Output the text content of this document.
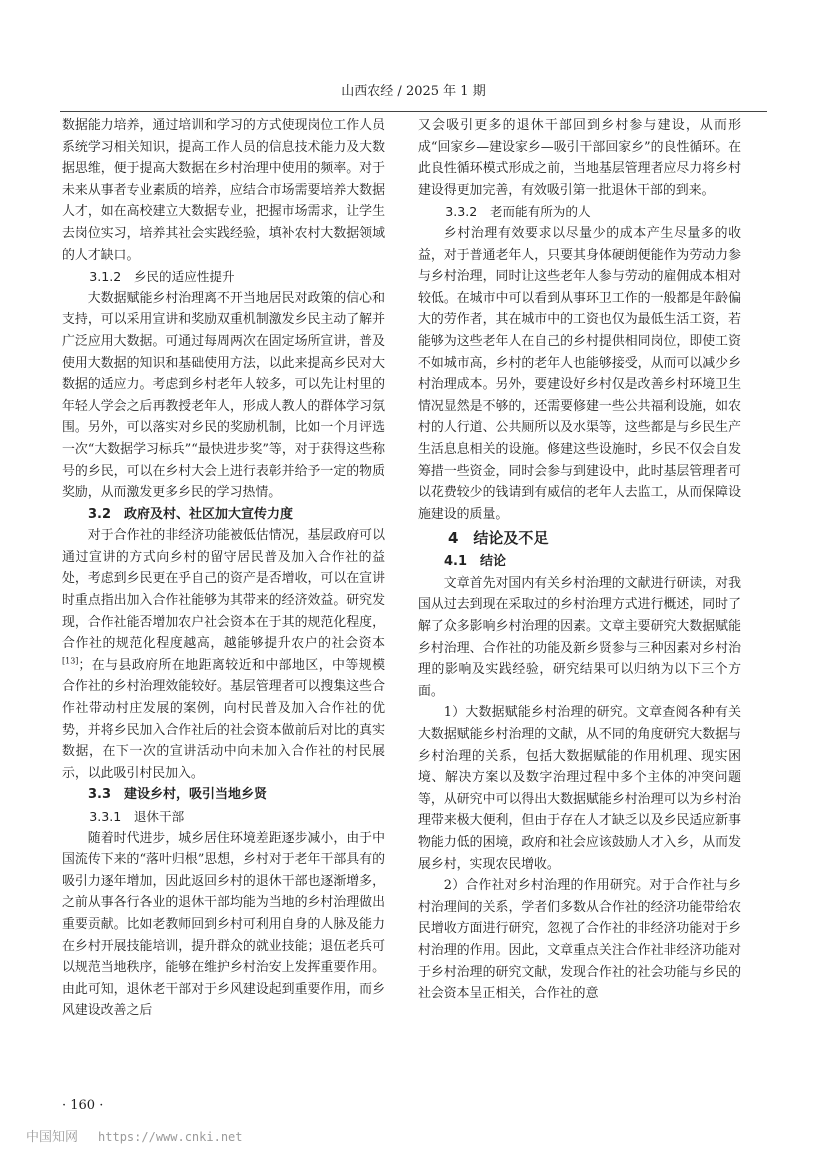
山西农经 / 2025 年 1 期

数据能力培养，通过培训和学习的方式使现岗位工作人员系统学习相关知识，提高工作人员的信息技术能力及大数据思维，便于提高大数据在乡村治理中使用的频率。对于未来从事者专业素质的培养，应结合市场需要培养大数据人才，如在高校建立大数据专业，把握市场需求，让学生去岗位实习，培养其社会实践经验，填补农村大数据领域的人才缺口。

3.1.2　乡民的适应性提升

大数据赋能乡村治理离不开当地居民对政策的信心和支持，可以采用宣讲和奖励双重机制激发乡民主动了解并广泛应用大数据。可通过每周两次在固定场所宣讲，普及使用大数据的知识和基础使用方法，以此来提高乡民对大数据的适应力。考虑到乡村老年人较多，可以先让村里的年轻人学会之后再教授老年人，形成人教人的群体学习氛围。另外，可以落实对乡民的奖励机制，比如一个月评选一次“大数据学习标兵”“最快进步奖”等，对于获得这些称号的乡民，可以在乡村大会上进行表彰并给予一定的物质奖励，从而激发更多乡民的学习热情。

3.2　政府及村、社区加大宣传力度

对于合作社的非经济功能被低估情况，基层政府可以通过宣讲的方式向乡村的留守居民普及加入合作社的益处，考虑到乡民更在乎自己的资产是否增收，可以在宣讲时重点指出加入合作社能够为其带来的经济效益。研究发现，合作社能否增加农户社会资本在于其的规范化程度，合作社的规范化程度越高，越能够提升农户的社会资本[13]；在与县政府所在地距离较近和中部地区，中等规模合作社的乡村治理效能较好。基层管理者可以搜集这些合作社带动村庄发展的案例，向村民普及加入合作社的优势，并将乡民加入合作社后的社会资本做前后对比的真实数据，在下一次的宣讲活动中向未加入合作社的村民展示，以此吸引村民加入。

3.3　建设乡村，吸引当地乡贤

3.3.1　退休干部

随着时代进步，城乡居住环境差距逐步减小，由于中国流传下来的“落叶归根”思想，乡村对于老年干部具有的吸引力逐年增加，因此返回乡村的退休干部也逐渐增多，之前从事各行各业的退休干部均能为当地的乡村治理做出重要贡献。比如老教师回到乡村可利用自身的人脉及能力在乡村开展技能培训，提升群众的就业技能；退伍老兵可以规范当地秩序，能够在维护乡村治安上发挥重要作用。由此可知，退休老干部对于乡风建设起到重要作用，而乡风建设改善之后

又会吸引更多的退休干部回到乡村参与建设，从而形成“回家乡—建设家乡—吸引干部回家乡”的良性循环。在此良性循环模式形成之前，当地基层管理者应尽力将乡村建设得更加完善，有效吸引第一批退休干部的到来。

3.3.2　老而能有所为的人

乡村治理有效要求以尽量少的成本产生尽量多的收益，对于普通老年人，只要其身体硬朗便能作为劳动力参与乡村治理，同时让这些老年人参与劳动的雇佣成本相对较低。在城市中可以看到从事环卫工作的一般都是年龄偏大的劳作者，其在城市中的工资也仅为最低生活工资，若能够为这些老年人在自己的乡村提供相同岗位，即使工资不如城市高，乡村的老年人也能够接受，从而可以减少乡村治理成本。另外，要建设好乡村仅是改善乡村环境卫生情况显然是不够的，还需要修建一些公共福利设施，如农村的人行道、公共厕所以及水渠等，这些都是与乡民生产生活息息相关的设施。修建这些设施时，乡民不仅会自发筹措一些资金，同时会参与到建设中，此时基层管理者可以花费较少的钱请到有威信的老年人去监工，从而保障设施建设的质量。

4　结论及不足

4.1　结论

文章首先对国内有关乡村治理的文献进行研读，对我国从过去到现在采取过的乡村治理方式进行概述，同时了解了众多影响乡村治理的因素。文章主要研究大数据赋能乡村治理、合作社的功能及新乡贤参与三种因素对乡村治理的影响及实践经验，研究结果可以归纳为以下三个方面。

1）大数据赋能乡村治理的研究。文章查阅各种有关大数据赋能乡村治理的文献，从不同的角度研究大数据与乡村治理的关系，包括大数据赋能的作用机理、现实困境、解决方案以及数字治理过程中多个主体的冲突问题等，从研究中可以得出大数据赋能乡村治理可以为乡村治理带来极大便利，但由于存在人才缺乏以及乡民适应新事物能力低的困境，政府和社会应该鼓励人才入乡，从而发展乡村，实现农民增收。

2）合作社对乡村治理的作用研究。对于合作社与乡村治理间的关系，学者们多数从合作社的经济功能带给农民增收方面进行研究，忽视了合作社的非经济功能对于乡村治理的作用。因此，文章重点关注合作社非经济功能对于乡村治理的研究文献，发现合作社的社会功能与乡民的社会资本呈正相关，合作社的意

· 160 ·
中国知网 https://www.cnki.net
